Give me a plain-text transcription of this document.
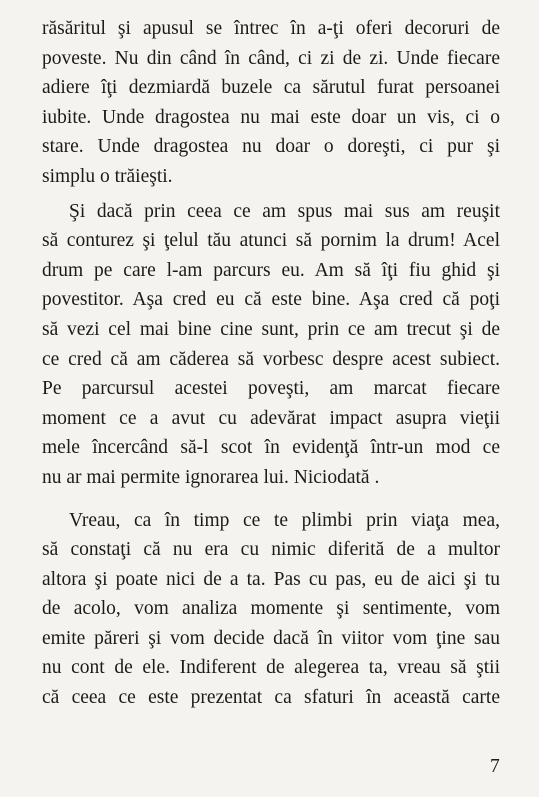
răsăritul şi apusul se întrec în a-ţi oferi decoruri de
poveste. Nu din când în când, ci zi de zi. Unde fiecare
adiere îţi dezmiardă buzele ca sărutul furat persoanei
iubite. Unde dragostea nu mai este doar un vis, ci o
stare. Unde dragostea nu doar o doreşti, ci pur şi
simplu o trăieşti.

Şi dacă prin ceea ce am spus mai sus am reuşit
să conturez şi ţelul tău atunci să pornim la drum! Acel
drum pe care l-am parcurs eu. Am să îţi fiu ghid şi
povestitor. Aşa cred eu că este bine. Aşa cred că poţi
să vezi cel mai bine cine sunt, prin ce am trecut şi de
ce cred că am căderea să vorbesc despre acest subiect.
Pe parcursul acestei poveşti, am marcat fiecare
moment ce a avut cu adevărat impact asupra vieţii
mele încercând să-l scot în evidenţă într-un mod ce
nu ar mai permite ignorarea lui. Niciodată .

Vreau, ca în timp ce te plimbi prin viaţa mea,
să constaţi că nu era cu nimic diferită de a multor
altora şi poate nici de a ta. Pas cu pas, eu de aici şi tu
de acolo, vom analiza momente şi sentimente, vom
emite păreri şi vom decide dacă în viitor vom ţine sau
nu cont de ele. Indiferent de alegerea ta, vreau să ştii
că ceea ce este prezentat ca sfaturi în această carte

7
